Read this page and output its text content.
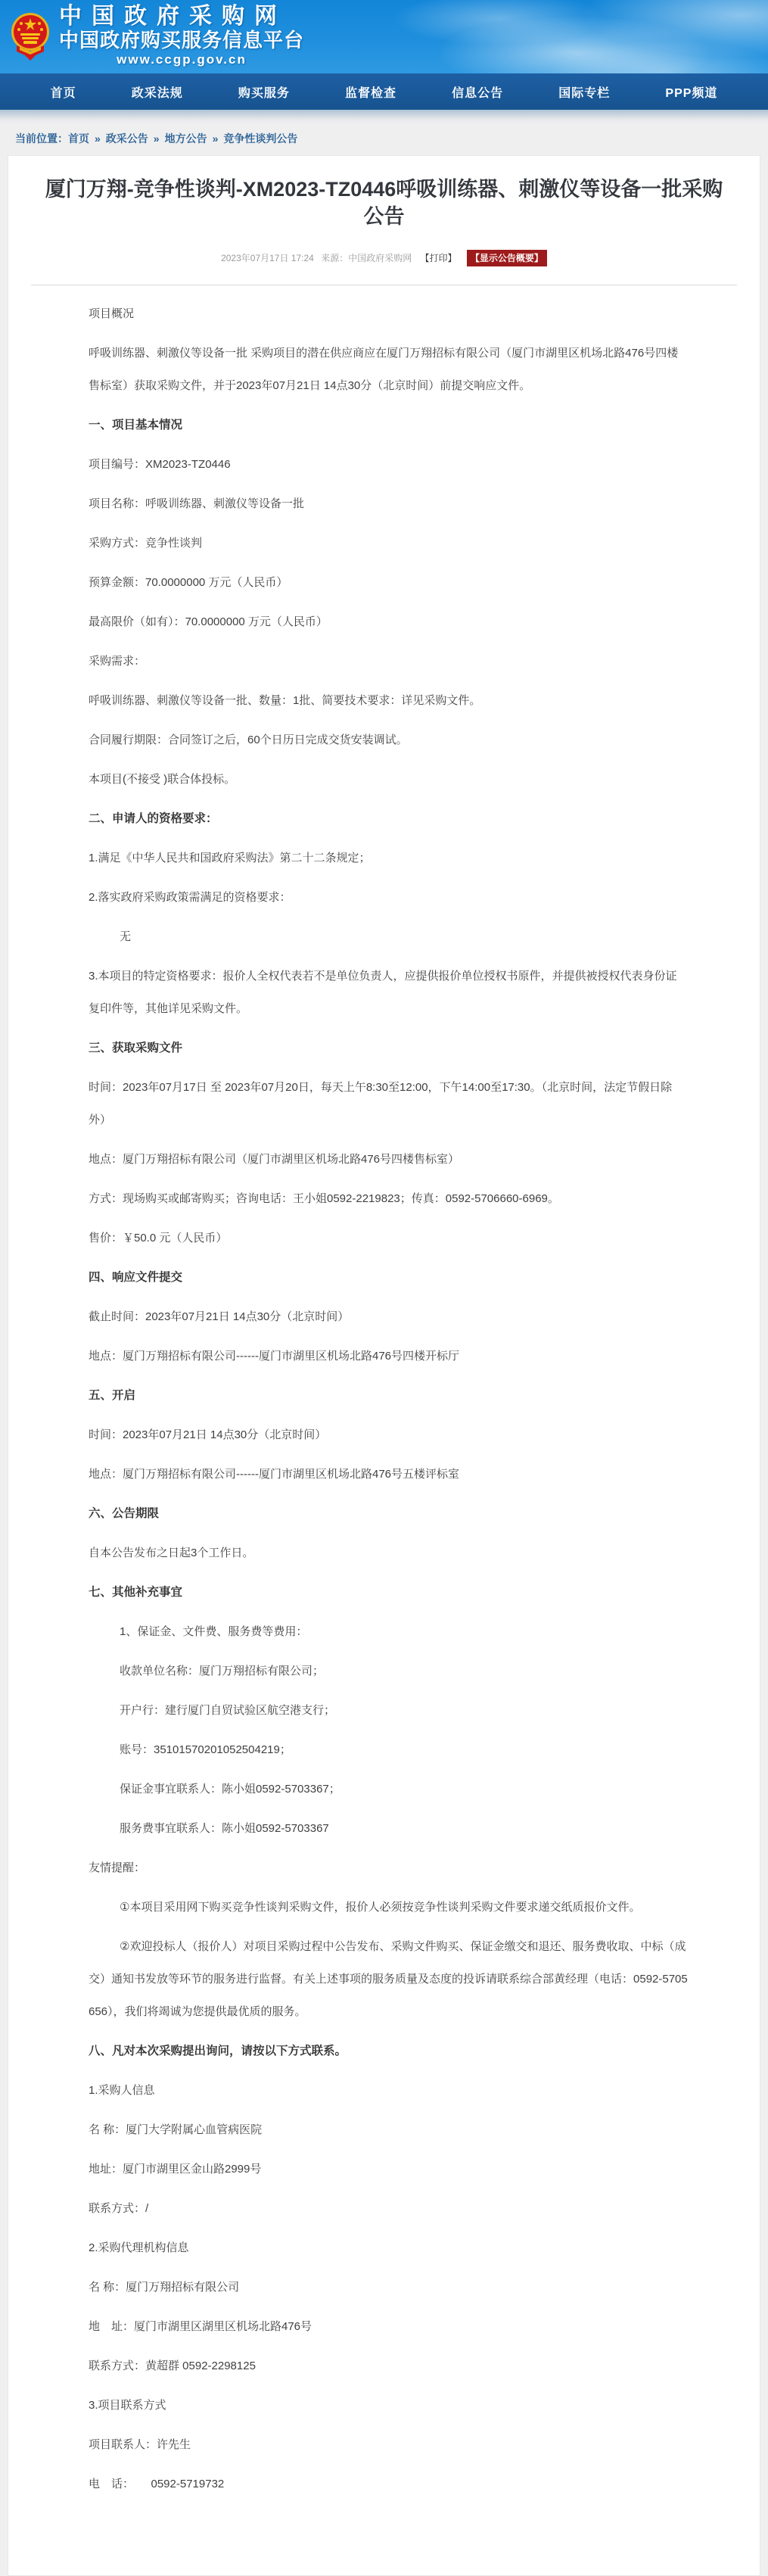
中国政府采购网
中国政府购买服务信息平台
www.ccgp.gov.cn
首页	政采法规	购买服务	监督检查	信息公告	国际专栏	PPP频道
当前位置：首页 » 政采公告 » 地方公告 » 竞争性谈判公告
厦门万翔-竞争性谈判-XM2023-TZ0446呼吸训练器、刺激仪等设备一批采购公告
2023年07月17日 17:24 来源：中国政府采购网 【打印】 【显示公告概要】
项目概况
呼吸训练器、刺激仪等设备一批 采购项目的潜在供应商应在厦门万翔招标有限公司（厦门市湖里区机场北路476号四楼售标室）获取采购文件，并于2023年07月21日 14点30分（北京时间）前提交响应文件。
一、项目基本情况
项目编号：XM2023-TZ0446
项目名称：呼吸训练器、刺激仪等设备一批
采购方式：竞争性谈判
预算金额：70.0000000 万元（人民币）
最高限价（如有）：70.0000000 万元（人民币）
采购需求：
呼吸训练器、刺激仪等设备一批、数量：1批、简要技术要求：详见采购文件。
合同履行期限：合同签订之后，60个日历日完成交货安装调试。
本项目(不接受 )联合体投标。
二、申请人的资格要求：
1.满足《中华人民共和国政府采购法》第二十二条规定；
2.落实政府采购政策需满足的资格要求：
无
3.本项目的特定资格要求：报价人全权代表若不是单位负责人，应提供报价单位授权书原件，并提供被授权代表身份证复印件等，其他详见采购文件。
三、获取采购文件
时间：2023年07月17日 至 2023年07月20日，每天上午8:30至12:00，下午14:00至17:30。（北京时间，法定节假日除外）
地点：厦门万翔招标有限公司（厦门市湖里区机场北路476号四楼售标室）
方式：现场购买或邮寄购买；咨询电话：王小姐0592-2219823；传真：0592-5706660-6969。
售价：￥50.0 元（人民币）
四、响应文件提交
截止时间：2023年07月21日 14点30分（北京时间）
地点：厦门万翔招标有限公司------厦门市湖里区机场北路476号四楼开标厅
五、开启
时间：2023年07月21日 14点30分（北京时间）
地点：厦门万翔招标有限公司------厦门市湖里区机场北路476号五楼评标室
六、公告期限
自本公告发布之日起3个工作日。
七、其他补充事宜
1、保证金、文件费、服务费等费用：
收款单位名称：厦门万翔招标有限公司；
开户行：建行厦门自贸试验区航空港支行；
账号：35101570201052504219；
保证金事宜联系人：陈小姐0592-5703367；
服务费事宜联系人：陈小姐0592-5703367
友情提醒：
①本项目采用网下购买竞争性谈判采购文件，报价人必须按竞争性谈判采购文件要求递交纸质报价文件。
②欢迎投标人（报价人）对项目采购过程中公告发布、采购文件购买、保证金缴交和退还、服务费收取、中标（成交）通知书发放等环节的服务进行监督。有关上述事项的服务质量及态度的投诉请联系综合部黄经理（电话：0592-5705656），我们将竭诚为您提供最优质的服务。
八、凡对本次采购提出询问，请按以下方式联系。
1.采购人信息
名 称：厦门大学附属心血管病医院
地址：厦门市湖里区金山路2999号
联系方式：/
2.采购代理机构信息
名 称：厦门万翔招标有限公司
地　址：厦门市湖里区湖里区机场北路476号
联系方式：黄超群 0592-2298125
3.项目联系方式
项目联系人：许先生
电　话：　　0592-5719732
